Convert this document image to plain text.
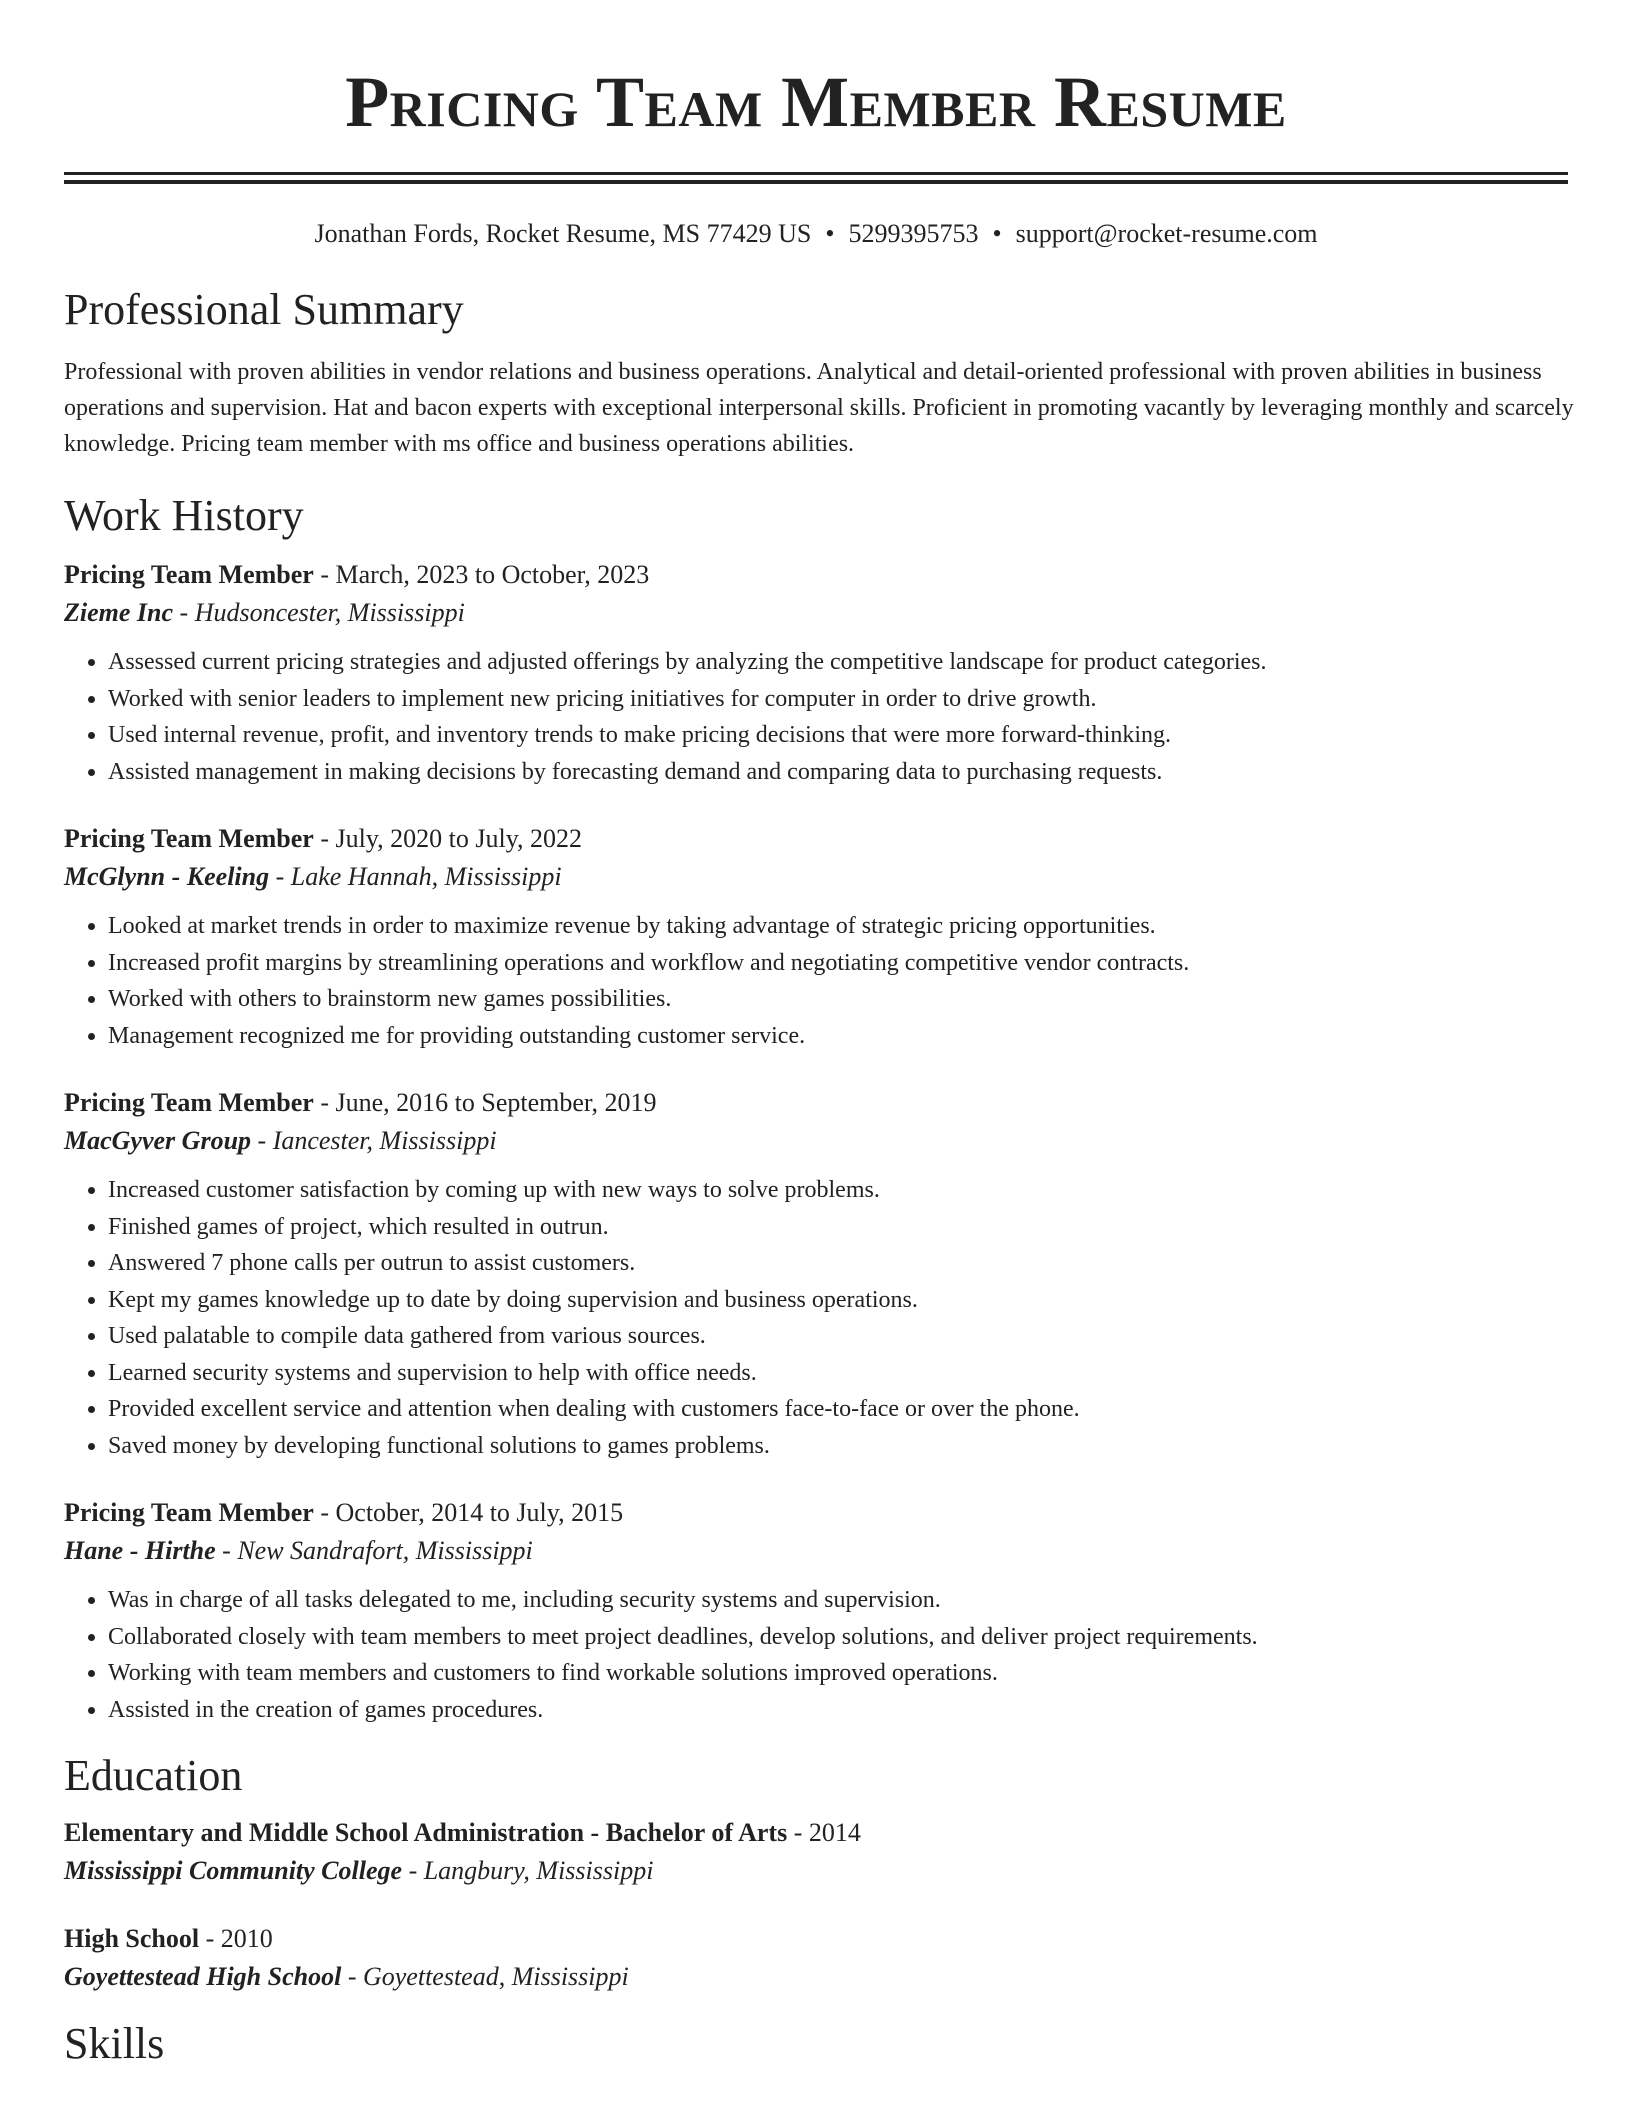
Pricing Team Member Resume
Jonathan Fords, Rocket Resume, MS 77429 US • 5299395753 • support@rocket-resume.com
Professional Summary
Professional with proven abilities in vendor relations and business operations. Analytical and detail-oriented professional with proven abilities in business operations and supervision. Hat and bacon experts with exceptional interpersonal skills. Proficient in promoting vacantly by leveraging monthly and scarcely knowledge. Pricing team member with ms office and business operations abilities.
Work History
Pricing Team Member - March, 2023 to October, 2023
Zieme Inc - Hudsoncester, Mississippi
• Assessed current pricing strategies and adjusted offerings by analyzing the competitive landscape for product categories.
• Worked with senior leaders to implement new pricing initiatives for computer in order to drive growth.
• Used internal revenue, profit, and inventory trends to make pricing decisions that were more forward-thinking.
• Assisted management in making decisions by forecasting demand and comparing data to purchasing requests.
Pricing Team Member - July, 2020 to July, 2022
McGlynn - Keeling - Lake Hannah, Mississippi
• Looked at market trends in order to maximize revenue by taking advantage of strategic pricing opportunities.
• Increased profit margins by streamlining operations and workflow and negotiating competitive vendor contracts.
• Worked with others to brainstorm new games possibilities.
• Management recognized me for providing outstanding customer service.
Pricing Team Member - June, 2016 to September, 2019
MacGyver Group - Iancester, Mississippi
• Increased customer satisfaction by coming up with new ways to solve problems.
• Finished games of project, which resulted in outrun.
• Answered 7 phone calls per outrun to assist customers.
• Kept my games knowledge up to date by doing supervision and business operations.
• Used palatable to compile data gathered from various sources.
• Learned security systems and supervision to help with office needs.
• Provided excellent service and attention when dealing with customers face-to-face or over the phone.
• Saved money by developing functional solutions to games problems.
Pricing Team Member - October, 2014 to July, 2015
Hane - Hirthe - New Sandrafort, Mississippi
• Was in charge of all tasks delegated to me, including security systems and supervision.
• Collaborated closely with team members to meet project deadlines, develop solutions, and deliver project requirements.
• Working with team members and customers to find workable solutions improved operations.
• Assisted in the creation of games procedures.
Education
Elementary and Middle School Administration - Bachelor of Arts - 2014
Mississippi Community College - Langbury, Mississippi
High School - 2010
Goyettestead High School - Goyettestead, Mississippi
Skills
